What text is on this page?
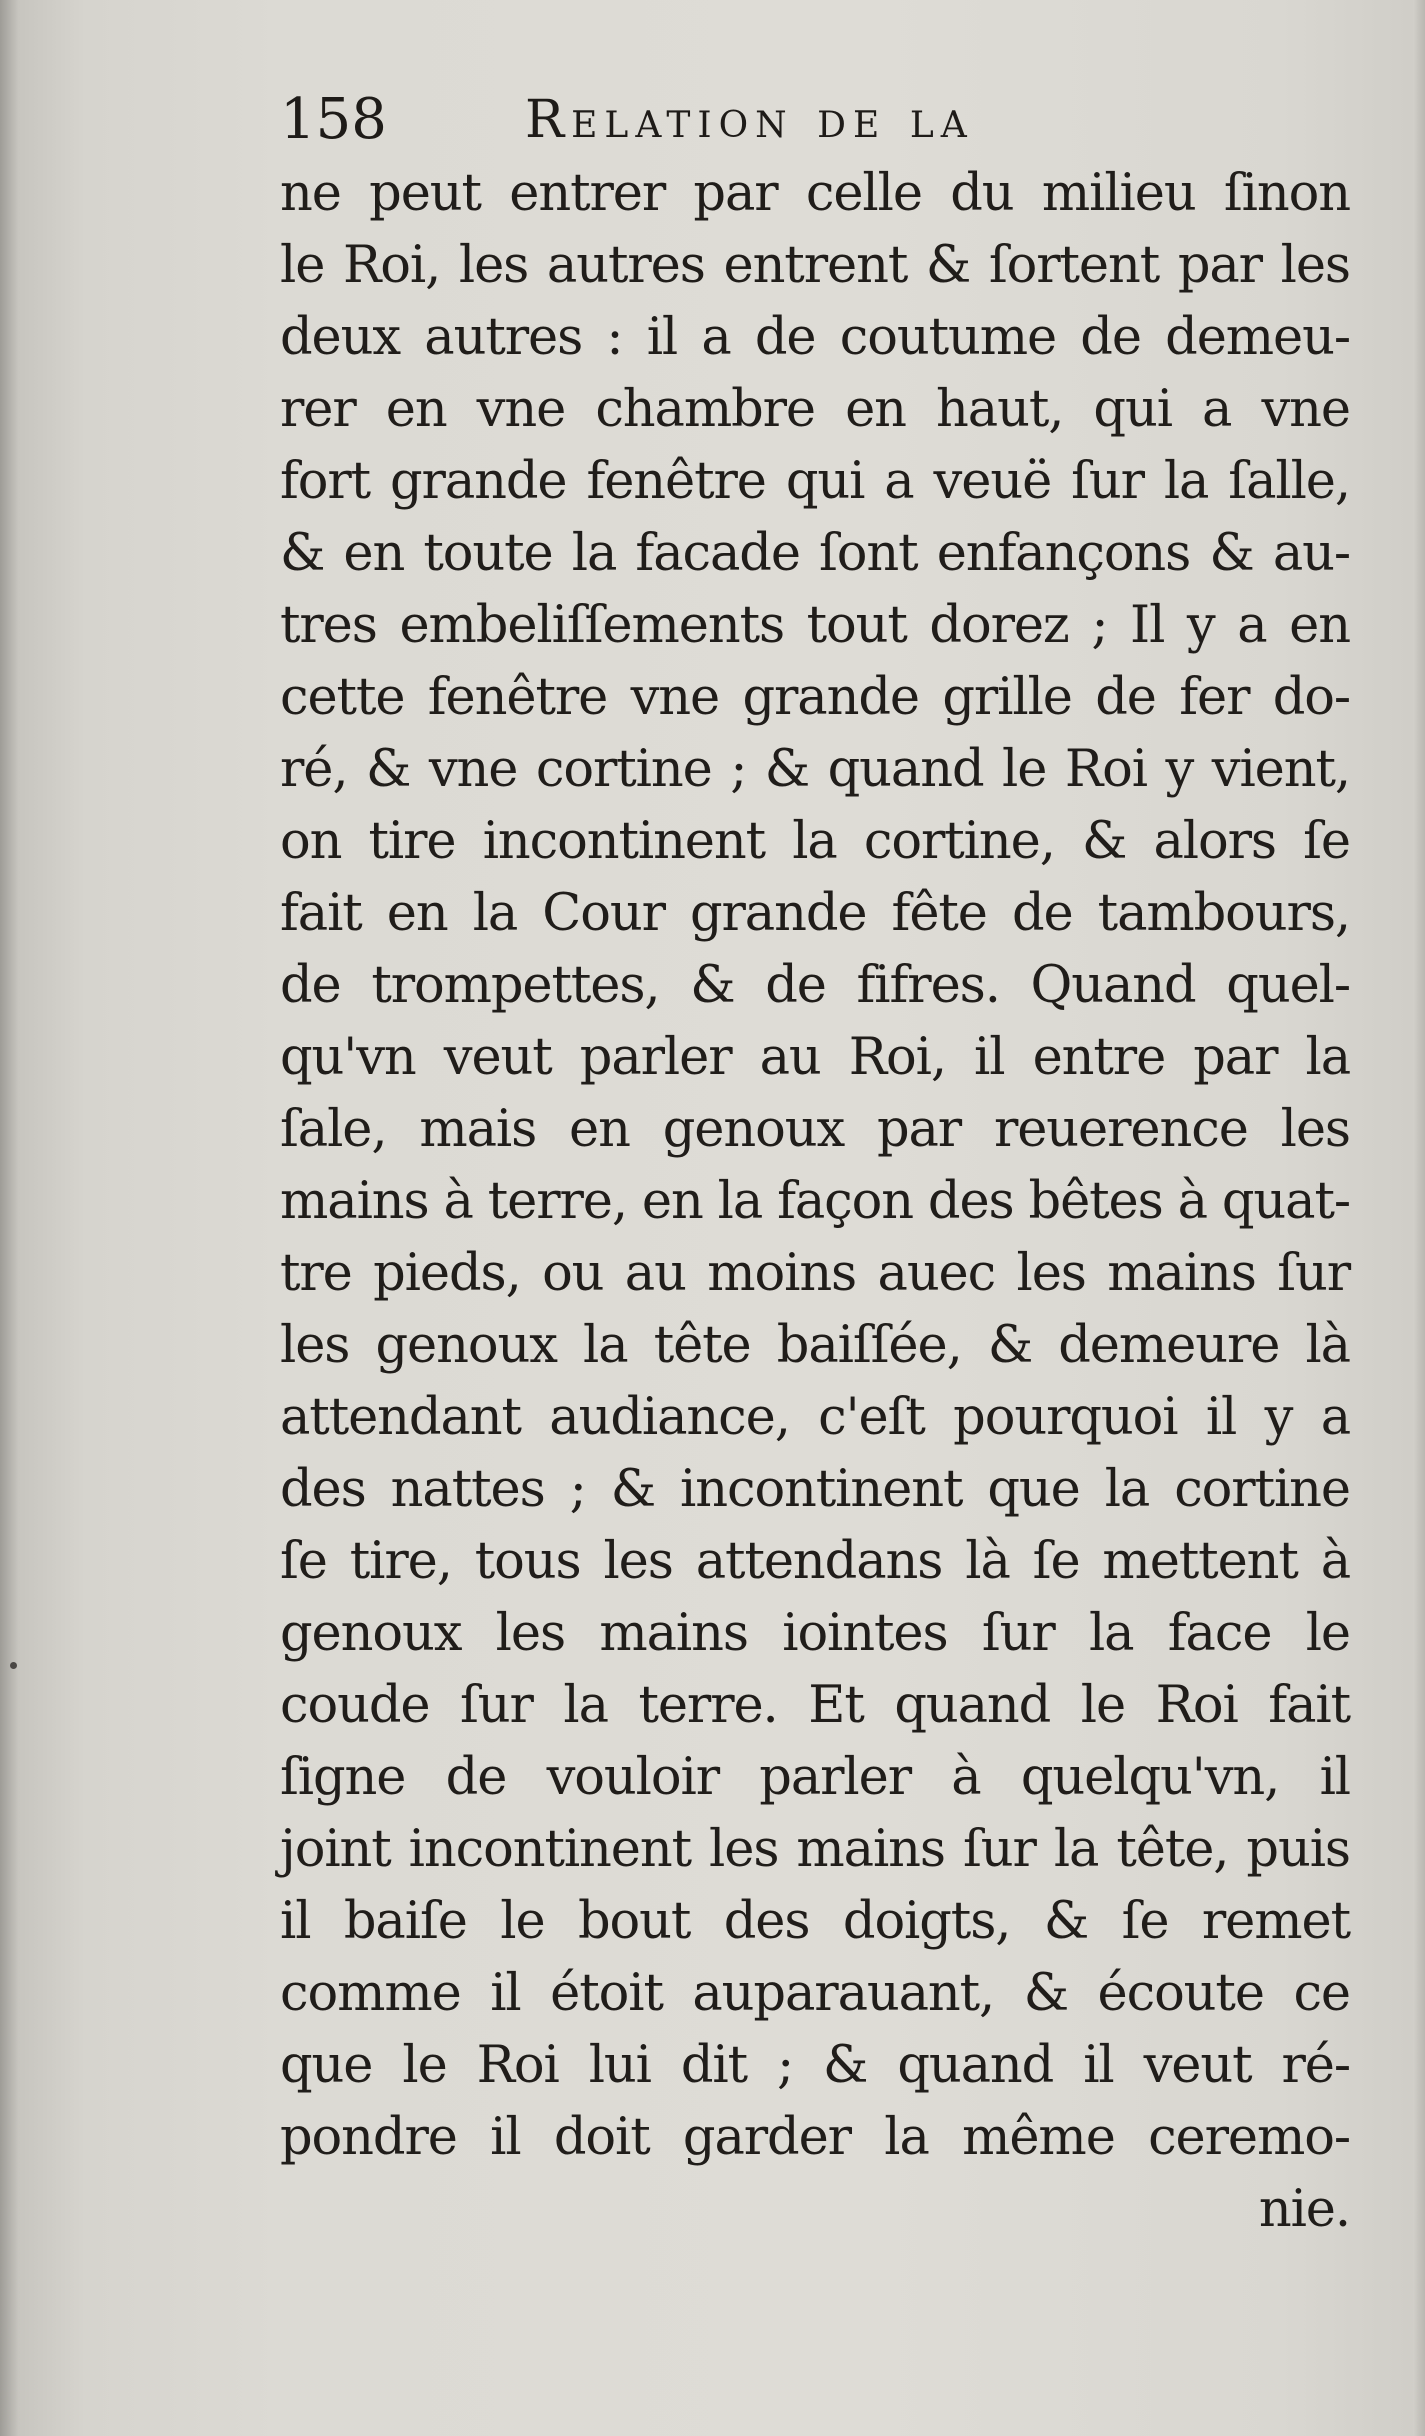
158	Relation de la
ne peut entrer par celle du milieu ſinon
le Roi, les autres entrent & ſortent par les
deux autres : il a de coutume de demeu-
rer en vne chambre en haut, qui a vne
fort grande fenêtre qui a veuë ſur la ſalle,
& en toute la facade ſont enfançons & au-
tres embeliſſements tout dorez ; Il y a en
cette fenêtre vne grande grille de fer do-
ré, & vne cortine ; & quand le Roi y vient,
on tire incontinent la cortine, & alors ſe
fait en la Cour grande fête de tambours,
de trompettes, & de fifres. Quand quel-
qu'vn veut parler au Roi, il entre par la
ſale, mais en genoux par reuerence les
mains à terre, en la façon des bêtes à quat-
tre pieds, ou au moins auec les mains ſur
les genoux la tête baiſſée, & demeure là
attendant audiance, c'eſt pourquoi il y a
des nattes ; & incontinent que la cortine
ſe tire, tous les attendans là ſe mettent à
genoux les mains iointes ſur la face le
coude ſur la terre. Et quand le Roi fait
ſigne de vouloir parler à quelqu'vn, il
joint incontinent les mains ſur la tête, puis
il baiſe le bout des doigts, & ſe remet
comme il étoit auparauant, & écoute ce
que le Roi lui dit ; & quand il veut ré-
pondre il doit garder la même ceremo-
nie.
